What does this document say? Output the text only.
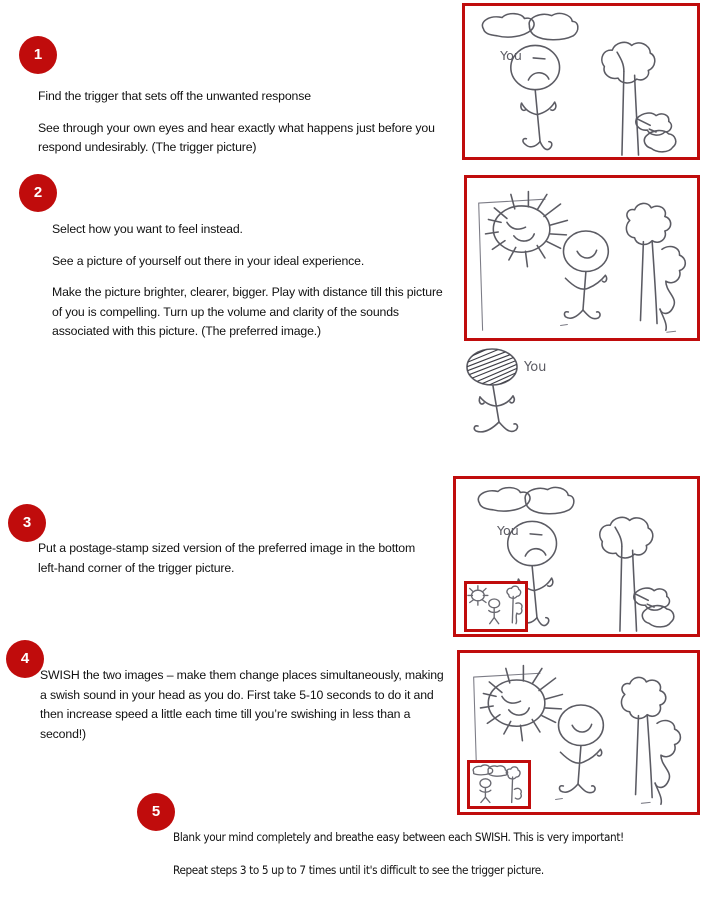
1

Find the trigger that sets off the unwanted response

See through your own eyes and hear exactly what happens just before you respond undesirably. (The trigger picture)

You
2

Select how you want to feel instead.

See a picture of yourself out there in your ideal experience.

Make the picture brighter, clearer, bigger. Play with distance till this picture of you is compelling. Turn up the volume and clarity of the sounds associated with this picture. (The preferred image.)

You
3

Put a postage-stamp sized version of the preferred image in the bottom left-hand corner of the trigger picture.

You
4

SWISH the two images – make them change places simultaneously, making a swish sound in your head as you do. First take 5-10 seconds to do it and then increase speed a little each time till you’re swishing in less than a second!)

5

Blank your mind completely and breathe easy between each SWISH. This is very important!

Repeat steps 3 to 5 up to 7 times until it's difficult to see the trigger picture.
